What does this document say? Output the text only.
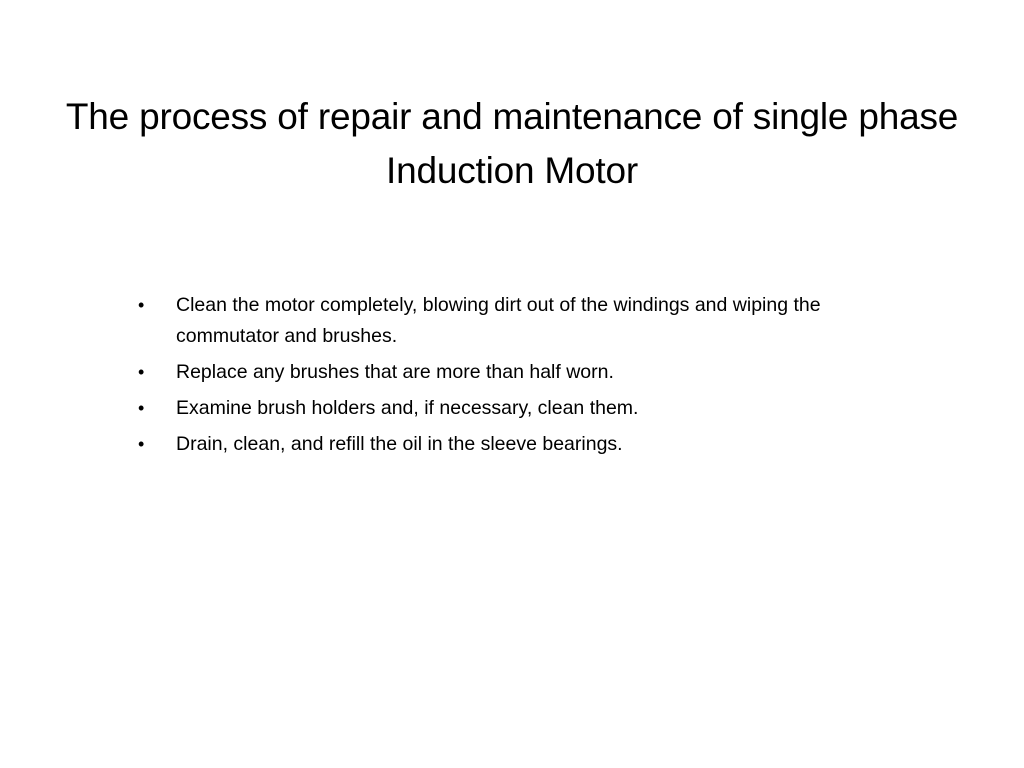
The process of repair and maintenance of single phase Induction Motor
•	Clean the motor completely, blowing dirt out of the windings and wiping the commutator and brushes.
•	Replace any brushes that are more than half worn.
•	Examine brush holders and, if necessary, clean them.
•	Drain, clean, and refill the oil in the sleeve bearings.
